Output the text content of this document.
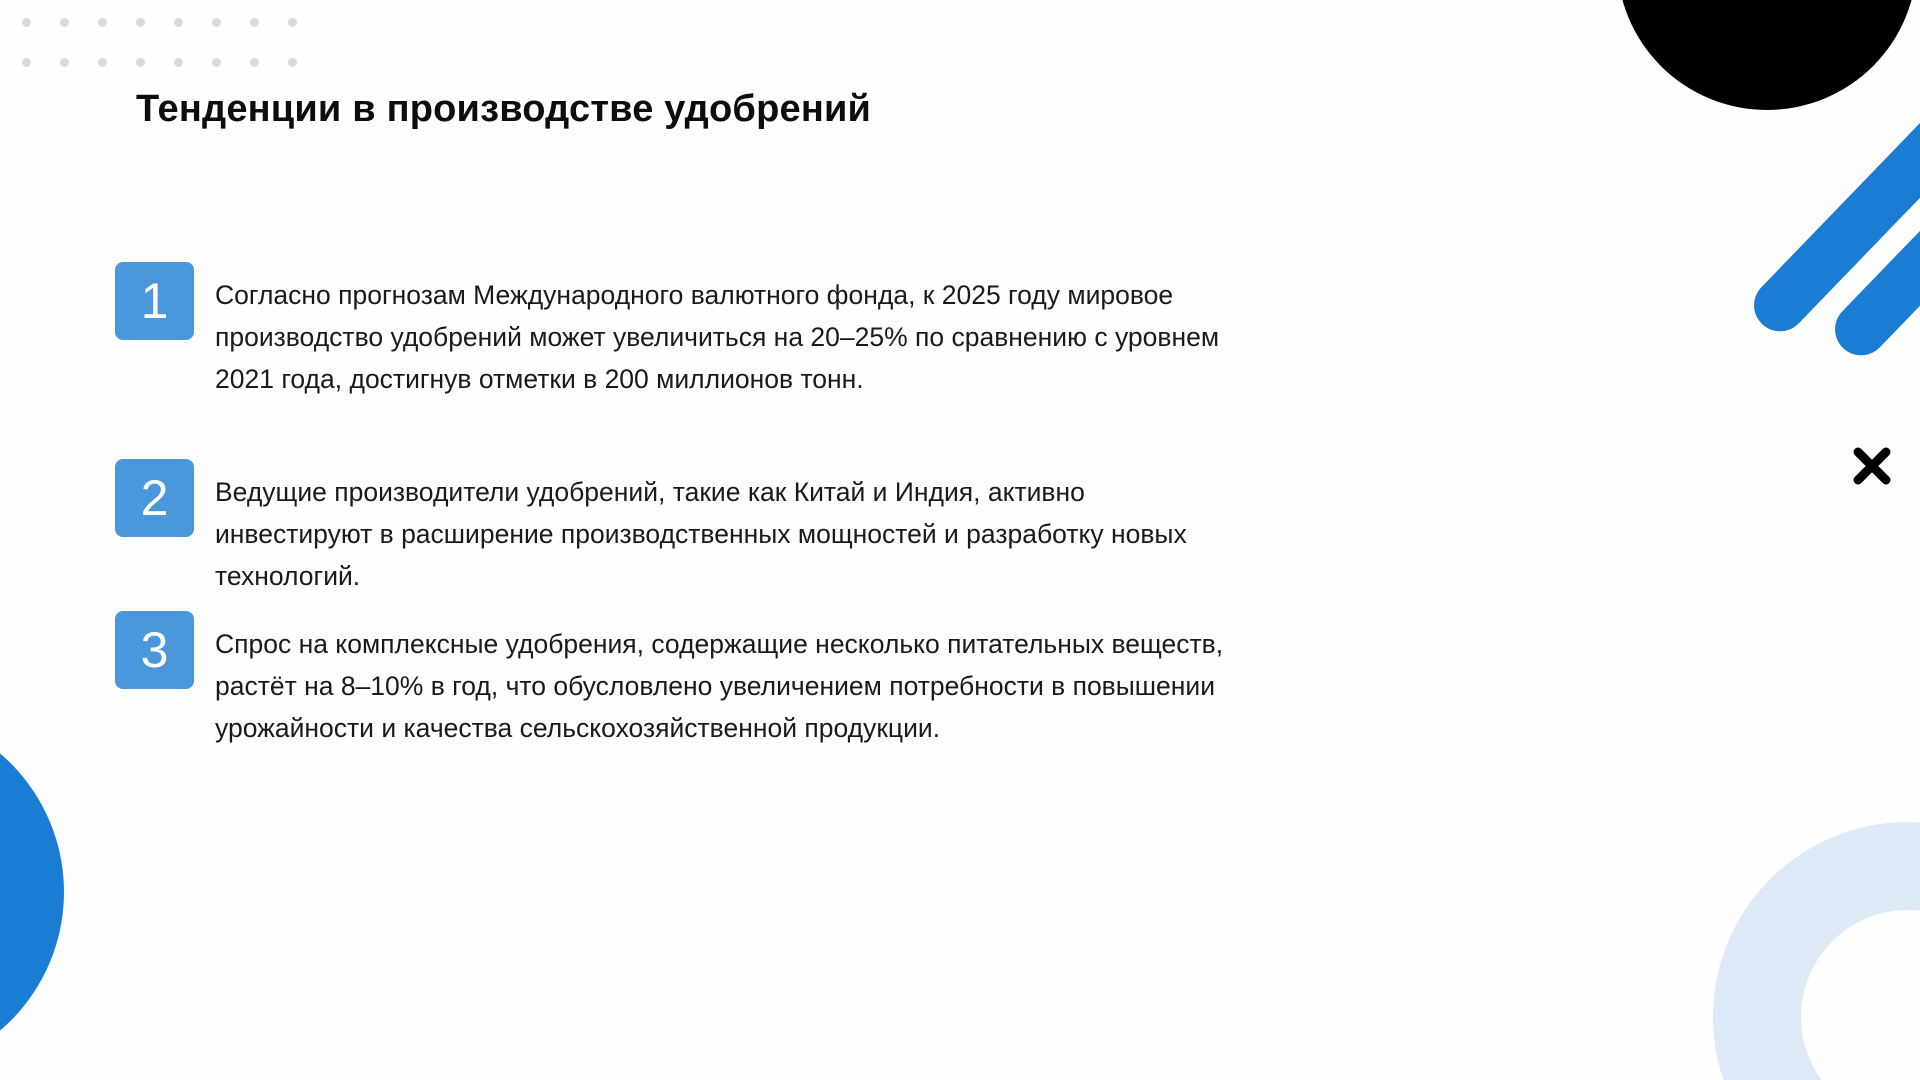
Тенденции в производстве удобрений
1	Согласно прогнозам Международного валютного фонда, к 2025 году мировое производство удобрений может увеличиться на 20–25% по сравнению с уровнем 2021 года, достигнув отметки в 200 миллионов тонн.

2	Ведущие производители удобрений, такие как Китай и Индия, активно инвестируют в расширение производственных мощностей и разработку новых технологий.

3	Спрос на комплексные удобрения, содержащие несколько питательных веществ, растёт на 8–10% в год, что обусловлено увеличением потребности в повышении урожайности и качества сельскохозяйственной продукции.
